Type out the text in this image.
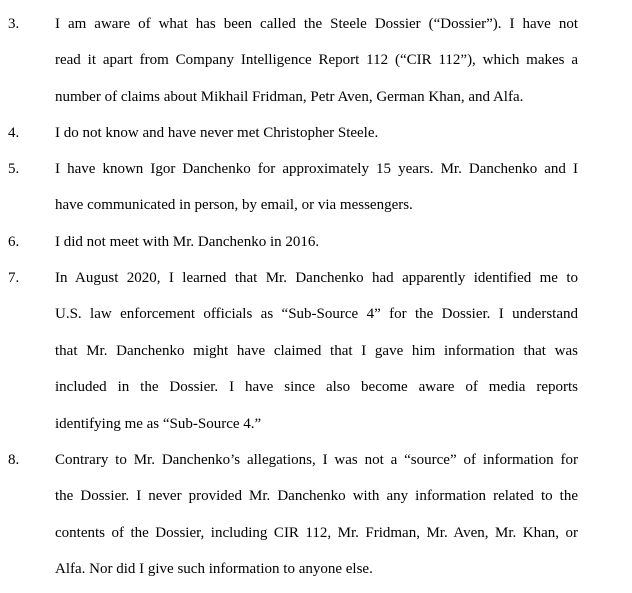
3. I am aware of what has been called the Steele Dossier (“Dossier”). I have not
read it apart from Company Intelligence Report 112 (“CIR 112”), which makes a
number of claims about Mikhail Fridman, Petr Aven, German Khan, and Alfa.
4. I do not know and have never met Christopher Steele.
5. I have known Igor Danchenko for approximately 15 years. Mr. Danchenko and I
have communicated in person, by email, or via messengers.
6. I did not meet with Mr. Danchenko in 2016.
7. In August 2020, I learned that Mr. Danchenko had apparently identified me to
U.S. law enforcement officials as “Sub-Source 4” for the Dossier. I understand
that Mr. Danchenko might have claimed that I gave him information that was
included in the Dossier. I have since also become aware of media reports
identifying me as “Sub-Source 4.”
8. Contrary to Mr. Danchenko’s allegations, I was not a “source” of information for
the Dossier. I never provided Mr. Danchenko with any information related to the
contents of the Dossier, including CIR 112, Mr. Fridman, Mr. Aven, Mr. Khan, or
Alfa. Nor did I give such information to anyone else.
